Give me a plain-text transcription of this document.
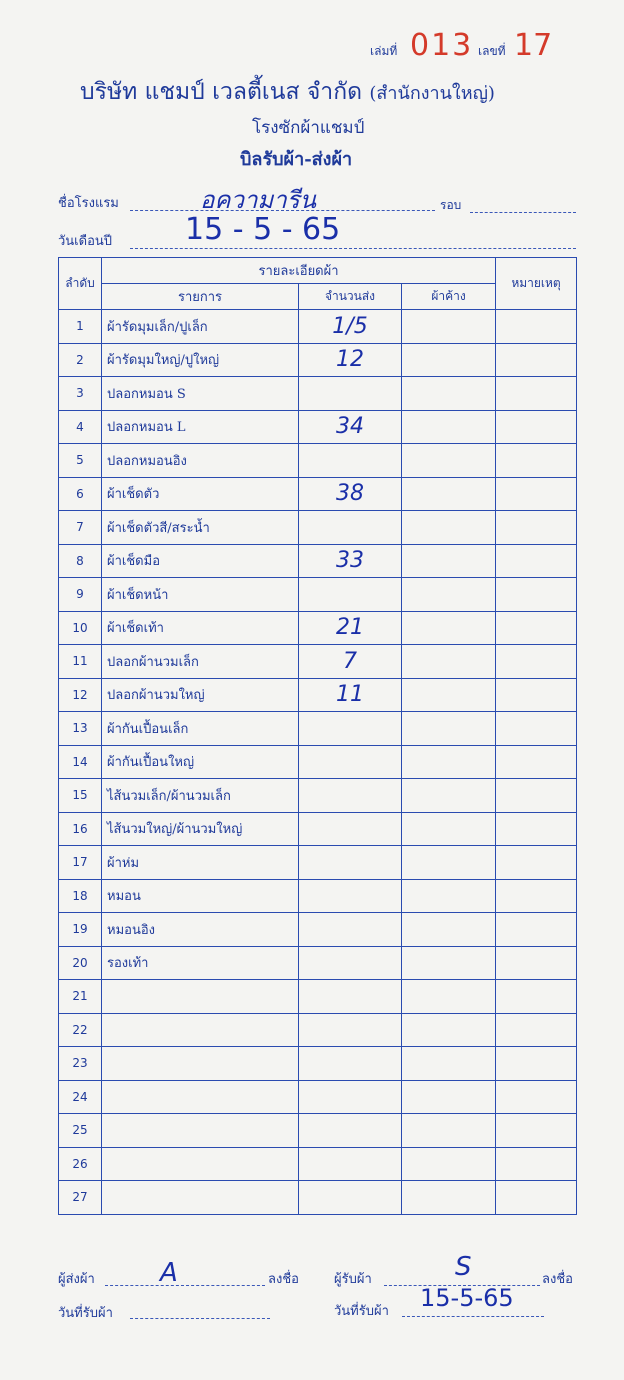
เล่มที่ 013 เลขที่ 17
บริษัท แชมป์ เวลตี้เนส จำกัด (สำนักงานใหญ่)
โรงซักผ้าแชมป์
บิลรับผ้า-ส่งผ้า
ชื่อโรงแรม	อความารีน	รอบ
วันเดือนปี 15 - 5 - 65
ลำดับ	รายละเอียดผ้า			หมายเหตุ
	รายการ	จำนวนส่ง	ผ้าค้าง	
1	ผ้ารัดมุมเล็ก/ปูเล็ก	1/5		
2	ผ้ารัดมุมใหญ่/ปูใหญ่	12		
3	ปลอกหมอน S			
4	ปลอกหมอน L	34		
5	ปลอกหมอนอิง			
6	ผ้าเช็ดตัว	38		
7	ผ้าเช็ดตัวสี/สระน้ำ			
8	ผ้าเช็ดมือ	33		
9	ผ้าเช็ดหน้า			
10	ผ้าเช็ดเท้า	21		
11	ปลอกผ้านวมเล็ก	7		
12	ปลอกผ้านวมใหญ่	11		
13	ผ้ากันเปื้อนเล็ก			
14	ผ้ากันเปื้อนใหญ่			
15	ไส้นวมเล็ก/ผ้านวมเล็ก			
16	ไส้นวมใหญ่/ผ้านวมใหญ่			
17	ผ้าห่ม			
18	หมอน			
19	หมอนอิง			
20	รองเท้า			
21				
22				
23				
24				
25				
26				
27				
ผู้ส่งผ้า	A	ลงชื่อ	ผู้รับผ้า	S	ลงชื่อ
วันที่รับผ้า	วันที่รับผ้า 15-5-65
